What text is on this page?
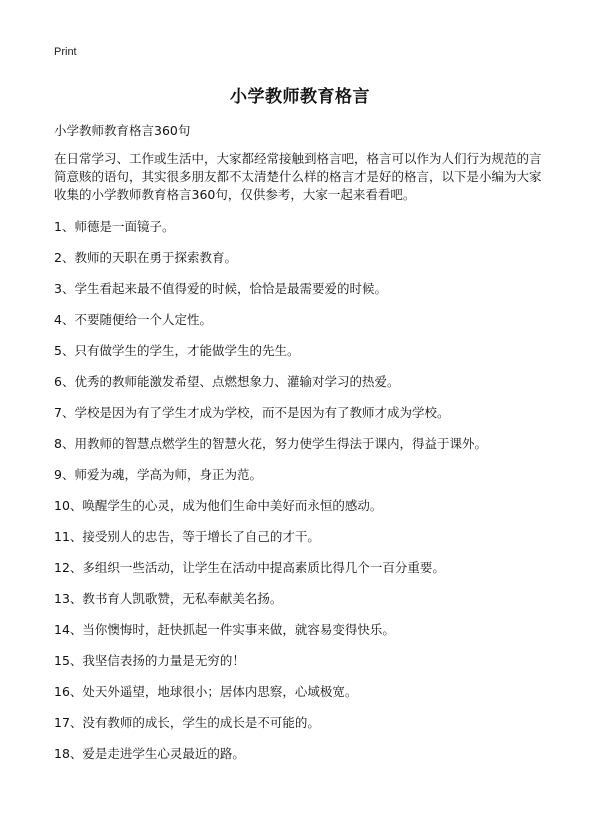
Print
小学教师教育格言
小学教师教育格言360句
在日常学习、工作或生活中，大家都经常接触到格言吧，格言可以作为人们行为规范的言简意赅的语句，其实很多朋友都不太清楚什么样的格言才是好的格言，以下是小编为大家收集的小学教师教育格言360句，仅供参考，大家一起来看看吧。
1、师德是一面镜子。
2、教师的天职在勇于探索教育。
3、学生看起来最不值得爱的时候，恰恰是最需要爱的时候。
4、不要随便给一个人定性。
5、只有做学生的学生，才能做学生的先生。
6、优秀的教师能激发希望、点燃想象力、灌输对学习的热爱。
7、学校是因为有了学生才成为学校，而不是因为有了教师才成为学校。
8、用教师的智慧点燃学生的智慧火花，努力使学生得法于课内，得益于课外。
9、师爱为魂，学高为师，身正为范。
10、唤醒学生的心灵，成为他们生命中美好而永恒的感动。
11、接受别人的忠告，等于增长了自己的才干。
12、多组织一些活动，让学生在活动中提高素质比得几个一百分重要。
13、教书育人凯歌赞，无私奉献美名扬。
14、当你懊悔时，赶快抓起一件实事来做，就容易变得快乐。
15、我坚信表扬的力量是无穷的！
16、处天外遥望，地球很小；居体内思察，心域极宽。
17、没有教师的成长，学生的成长是不可能的。
18、爱是走进学生心灵最近的路。
